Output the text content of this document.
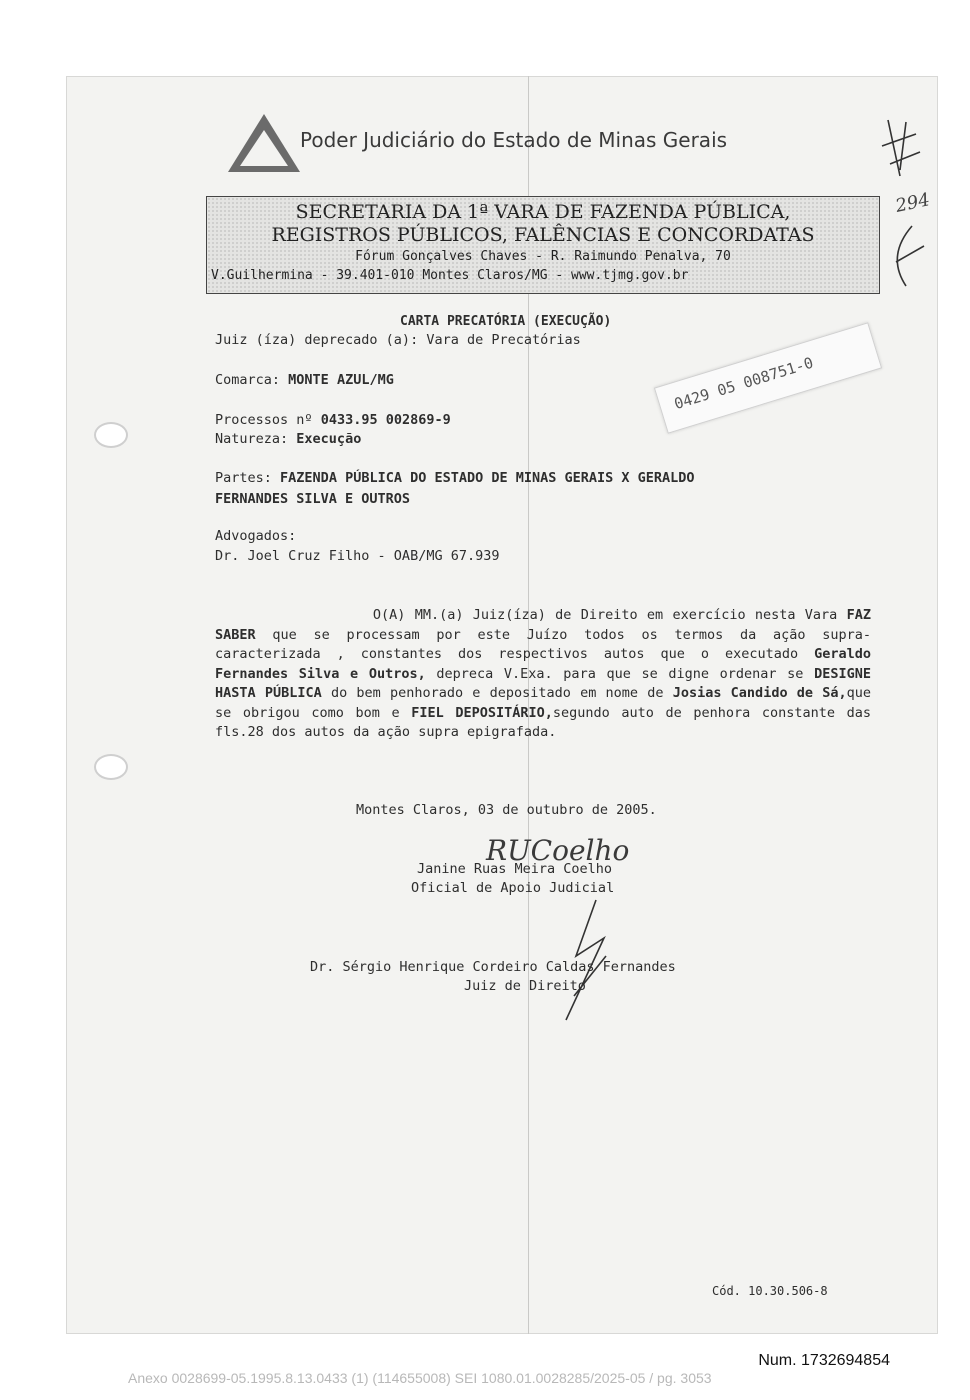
Poder Judiciário do Estado de Minas Gerais
SECRETARIA DA 1ª VARA DE FAZENDA PÚBLICA,
REGISTROS PÚBLICOS, FALÊNCIAS E CONCORDATAS
Fórum Gonçalves Chaves - R. Raimundo Penalva, 70
V.Guilhermina - 39.401-010 Montes Claros/MG - www.tjmg.gov.br
CARTA PRECATÓRIA (EXECUÇÃO)
Juiz (íza) deprecado (a): Vara de Precatórias
Comarca: MONTE AZUL/MG
Processos nº 0433.95 002869-9
Natureza: Execução
0429 05 008751-0
Partes: FAZENDA PÚBLICA DO ESTADO DE MINAS GERAIS X GERALDO
FERNANDES SILVA E OUTROS
Advogados:
Dr. Joel Cruz Filho - OAB/MG 67.939
O(A) MM.(a) Juiz(íza) de Direito em exercício nesta Vara FAZ SABER que se processam por este Juízo todos os termos da ação supra-caracterizada , constantes dos respectivos autos que o executado Geraldo Fernandes Silva e Outros, depreca V.Exa. para que se digne ordenar se DESIGNE HASTA PÚBLICA do bem penhorado e depositado em nome de Josias Candido de Sá,que se obrigou como bom e FIEL DEPOSITÁRIO,segundo auto de penhora constante das fls.28 dos autos da ação supra epigrafada.
Montes Claros, 03 de outubro de 2005.
RUCoelho
Janine Ruas Meira Coelho
Oficial de Apoio Judicial
Dr. Sérgio Henrique Cordeiro Caldas Fernandes
Juiz de Direito
294
Cód. 10.30.506-8
Num. 1732694854
Anexo 0028699-05.1995.8.13.0433 (1) (114655008) SEI 1080.01.0028285/2025-05 / pg. 3053
